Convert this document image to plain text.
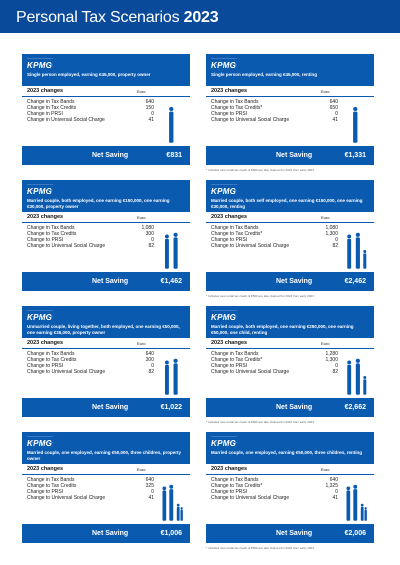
Personal Tax Scenarios 2023
KPMG
Single person employed, earning €45,000, property owner
2023 changes	Euro
Change in Tax Bands	640
Change in Tax Credits	150
Change in PRSI	0
Change in Universal Social Charge	41
Net Saving	€831
KPMG
Single person employed, earning €45,000, renting
2023 changes	Euro
Change in Tax Bands	640
Change to Tax Credits*	650
Change to PRSI	0
Change to Universal Social Charge	41
Net Saving	€1,331
* Includes new rental tax credit of €500 are also claimed for 2022 from early 2023
KPMG
Married couple, both employed, one earning €150,000, one earning €30,000, property owner
2023 changes	Euro
Change in Tax Bands	1,080
Change to Tax Credits	300
Change to PRSI	0
Change to Universal Social Charge	82
Net Saving	€1,462
KPMG
Married couple, both self employed, one earning €150,000, one earning €30,000, renting
2023 changes	Euro
Change in Tax Bands	1,080
Change to Tax Credits*	1,300
Change to PRSI	0
Change to Universal Social Charge	82
Net Saving	€2,462
* Includes new rental tax credit of €500 are also claimed for 2022 from early 2023
KPMG
Unmarried couple, living together, both employed, one earning €50,000, one earning €35,000, property owner
2023 changes	Euro
Change in Tax Bands	640
Change to Tax Credits	300
Change to PRSI	0
Change to Universal Social Charge	82
Net Saving	€1,022
KPMG
Married couple, both employed, one earning €250,000, one earning €50,000, one child, renting
2023 changes	Euro
Change in Tax Bands	1,280
Change to Tax Credits*	1,300
Change to PRSI	0
Change to Universal Social Charge	82
Net Saving	€2,662
* Includes new rental tax credit of €500 are also claimed for 2022 from early 2023
KPMG
Married couple, one employed, earning €50,000, three children, property owner
2023 changes	Euro
Change in Tax Bands	640
Change to Tax Credits	325
Change to PRSI	0
Change to Universal Social Charge	41
Net Saving	€1,006
KPMG
Married couple, one employed, earning €50,000, three children, renting
2023 changes	Euro
Change in Tax Bands	640
Change to Tax Credits*	1,325
Change to PRSI	0
Change to Universal Social Charge	41
Net Saving	€2,006
* Includes new rental tax credit of €500 are also claimed for 2022 from early 2023
